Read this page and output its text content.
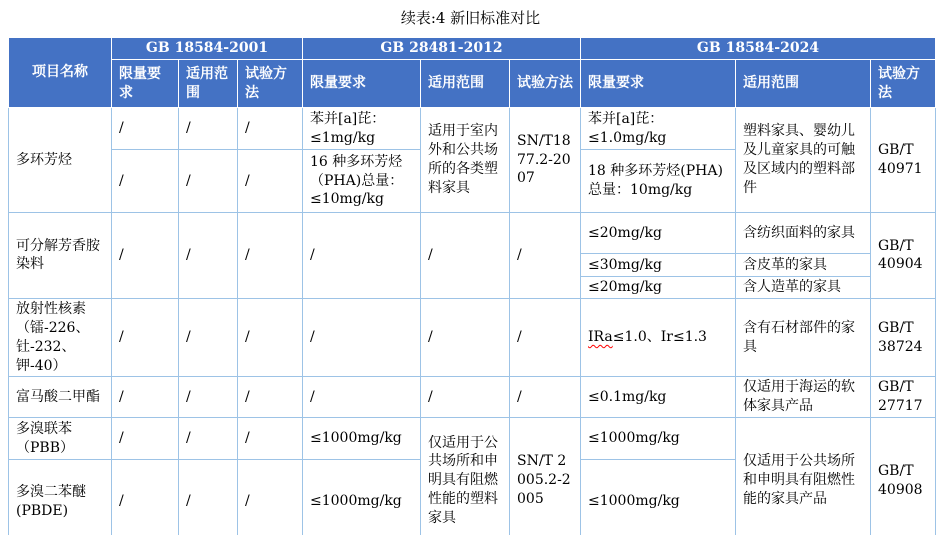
续表:4 新旧标准对比
项目名称	GB 18584-2001			GB 28481-2012			GB 18584-2024		
	限量要求	适用范围	试验方法	限量要求	适用范围	试验方法	限量要求	适用范围	试验方法
多环芳烃	/	/	/	苯并[a]芘：≤1mg/kg	适用于室内外和公共场所的各类塑料家具	SN/T1877.2-2007	苯并[a]芘：≤1.0mg/kg	塑料家具、婴幼儿及儿童家具的可触及区域内的塑料部件	GB/T 40971
	/	/	/	16 种多环芳烃（PHA)总量：≤10mg/kg			18 种多环芳烃(PHA)总量：10mg/kg		
可分解芳香胺染料	/	/	/	/	/	/	≤20mg/kg	含纺织面料的家具	GB/T 40904
							≤30mg/kg	含皮革的家具	
							≤20mg/kg	含人造革的家具	
放射性核素（镭-226、钍-232、钾-40）	/	/	/	/	/	/	IRa≤1.0、Ir≤1.3	含有石材部件的家具	GB/T 38724
富马酸二甲酯	/	/	/	/	/	/	≤0.1mg/kg	仅适用于海运的软体家具产品	GB/T 27717
多溴联苯（PBB）	/	/	/	≤1000mg/kg	仅适用于公共场所和申明具有阻燃性能的塑料家具	SN/T 2005.2-2005	≤1000mg/kg	仅适用于公共场所和申明具有阻燃性能的家具产品	GB/T 40908
多溴二苯醚(PBDE)	/	/	/	≤1000mg/kg			≤1000mg/kg		
